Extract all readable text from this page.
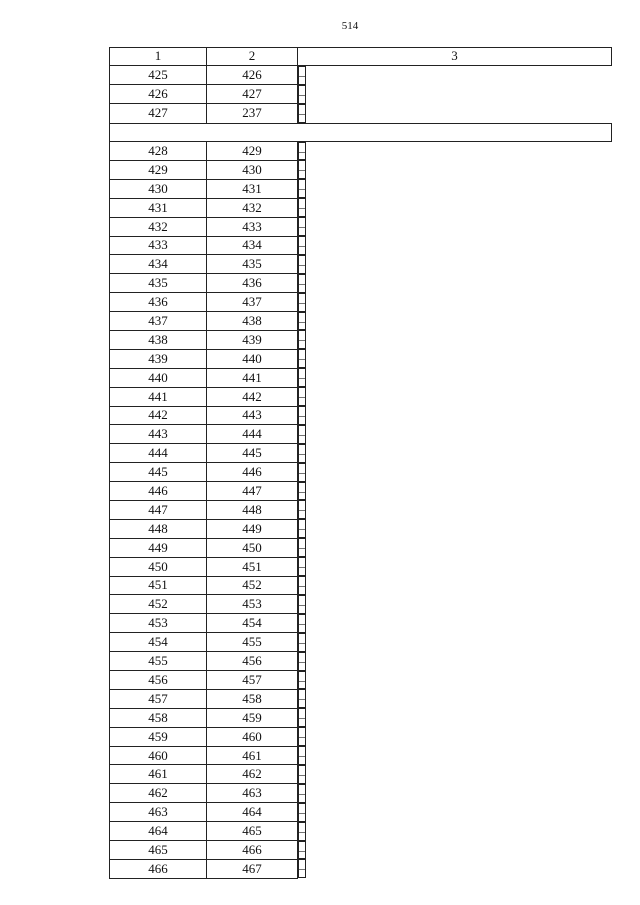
514
1	2	3
425	426		–
426	427		–
427	237		–

428	429		–
429	430		–
430	431		–
431	432		–
432	433		–
433	434		–
434	435		–
435	436		–
436	437		–
437	438		–
438	439		–
439	440		–
440	441		–
441	442		–
442	443		–
443	444		–
444	445		–
445	446		–
446	447		–
447	448		–
448	449		–
449	450		–
450	451		–
451	452		–
452	453		–
453	454		–
454	455		–
455	456		–
456	457		–
457	458		–
458	459		–
459	460		–
460	461		–
461	462		–
462	463		–
463	464		–
464	465		–
465	466		–
466	467		–
